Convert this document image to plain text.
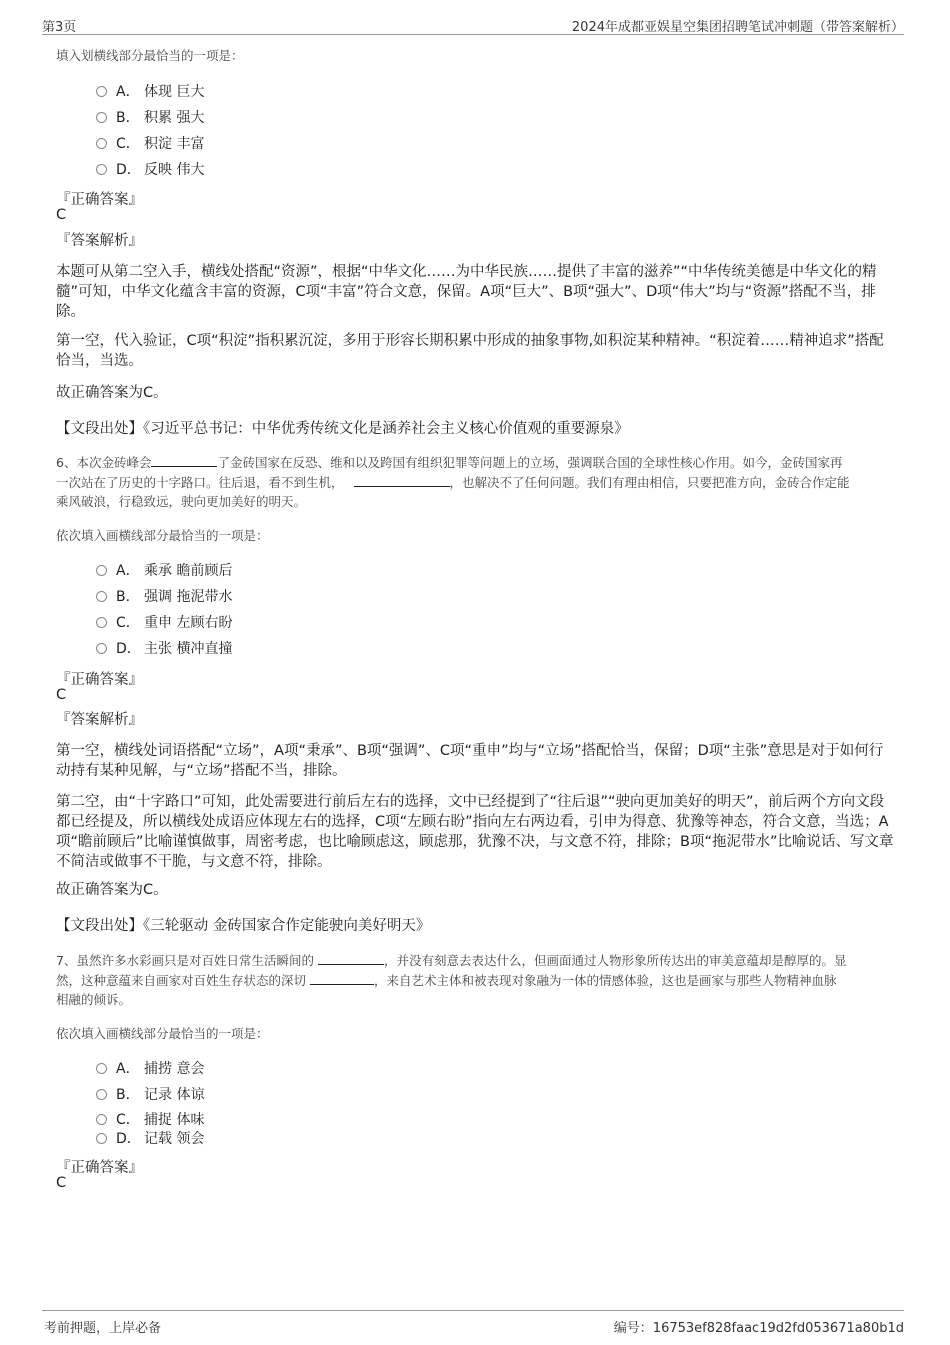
第3页	2024年成都亚娱星空集团招聘笔试冲刺题（带答案解析）
填入划横线部分最恰当的一项是：
A． 体现 巨大
B． 积累 强大
C． 积淀 丰富
D． 反映 伟大
『正确答案』
C
『答案解析』
本题可从第二空入手，横线处搭配“资源”，根据“中华文化……为中华民族……提供了丰富的滋养”“中华传统美德是中华文化的精髓”可知，中华文化蕴含丰富的资源，C项“丰富”符合文意，保留。A项“巨大”、B项“强大”、D项“伟大”均与“资源”搭配不当，排除。
第一空，代入验证，C项“积淀”指积累沉淀，多用于形容长期积累中形成的抽象事物,如积淀某种精神。“积淀着……精神追求”搭配恰当，当选。
故正确答案为C。
【文段出处】《习近平总书记：中华优秀传统文化是涵养社会主义核心价值观的重要源泉》
6、本次金砖峰会	了金砖国家在反恐、维和以及跨国有组织犯罪等问题上的立场，强调联合国的全球性核心作用。如今，金砖国家再
一次站在了历史的十字路口。往后退，看不到生机，	，也解决不了任何问题。我们有理由相信，只要把准方向，金砖合作定能
乘风破浪，行稳致远，驶向更加美好的明天。
依次填入画横线部分最恰当的一项是：
A． 乘承 瞻前顾后
B． 强调 拖泥带水
C． 重申 左顾右盼
D． 主张 横冲直撞
『正确答案』
C
『答案解析』
第一空，横线处词语搭配“立场”，A项“秉承”、B项“强调”、C项“重申”均与“立场”搭配恰当，保留；D项“主张”意思是对于如何行动持有某种见解，与“立场”搭配不当，排除。
第二空，由“十字路口”可知，此处需要进行前后左右的选择，文中已经提到了“往后退”“驶向更加美好的明天”，前后两个方向文段都已经提及，所以横线处成语应体现左右的选择，C项“左顾右盼”指向左右两边看，引申为得意、犹豫等神态，符合文意，当选；A项“瞻前顾后”比喻谨慎做事，周密考虑，也比喻顾虑这，顾虑那，犹豫不决，与文意不符，排除；B项“拖泥带水”比喻说话、写文章不简洁或做事不干脆，与文意不符，排除。
故正确答案为C。
【文段出处】《三轮驱动 金砖国家合作定能驶向美好明天》
7、虽然许多水彩画只是对百姓日常生活瞬间的	，并没有刻意去表达什么，但画面通过人物形象所传达出的审美意蕴却是醇厚的。显
然，这种意蕴来自画家对百姓生存状态的深切	，来自艺术主体和被表现对象融为一体的情感体验，这也是画家与那些人物精神血脉
相融的倾诉。
依次填入画横线部分最恰当的一项是：
A． 捕捞 意会
B． 记录 体谅
C． 捕捉 体味
D． 记载 领会
『正确答案』
C
考前押题，上岸必备	编号：16753ef828faac19d2fd053671a80b1d
